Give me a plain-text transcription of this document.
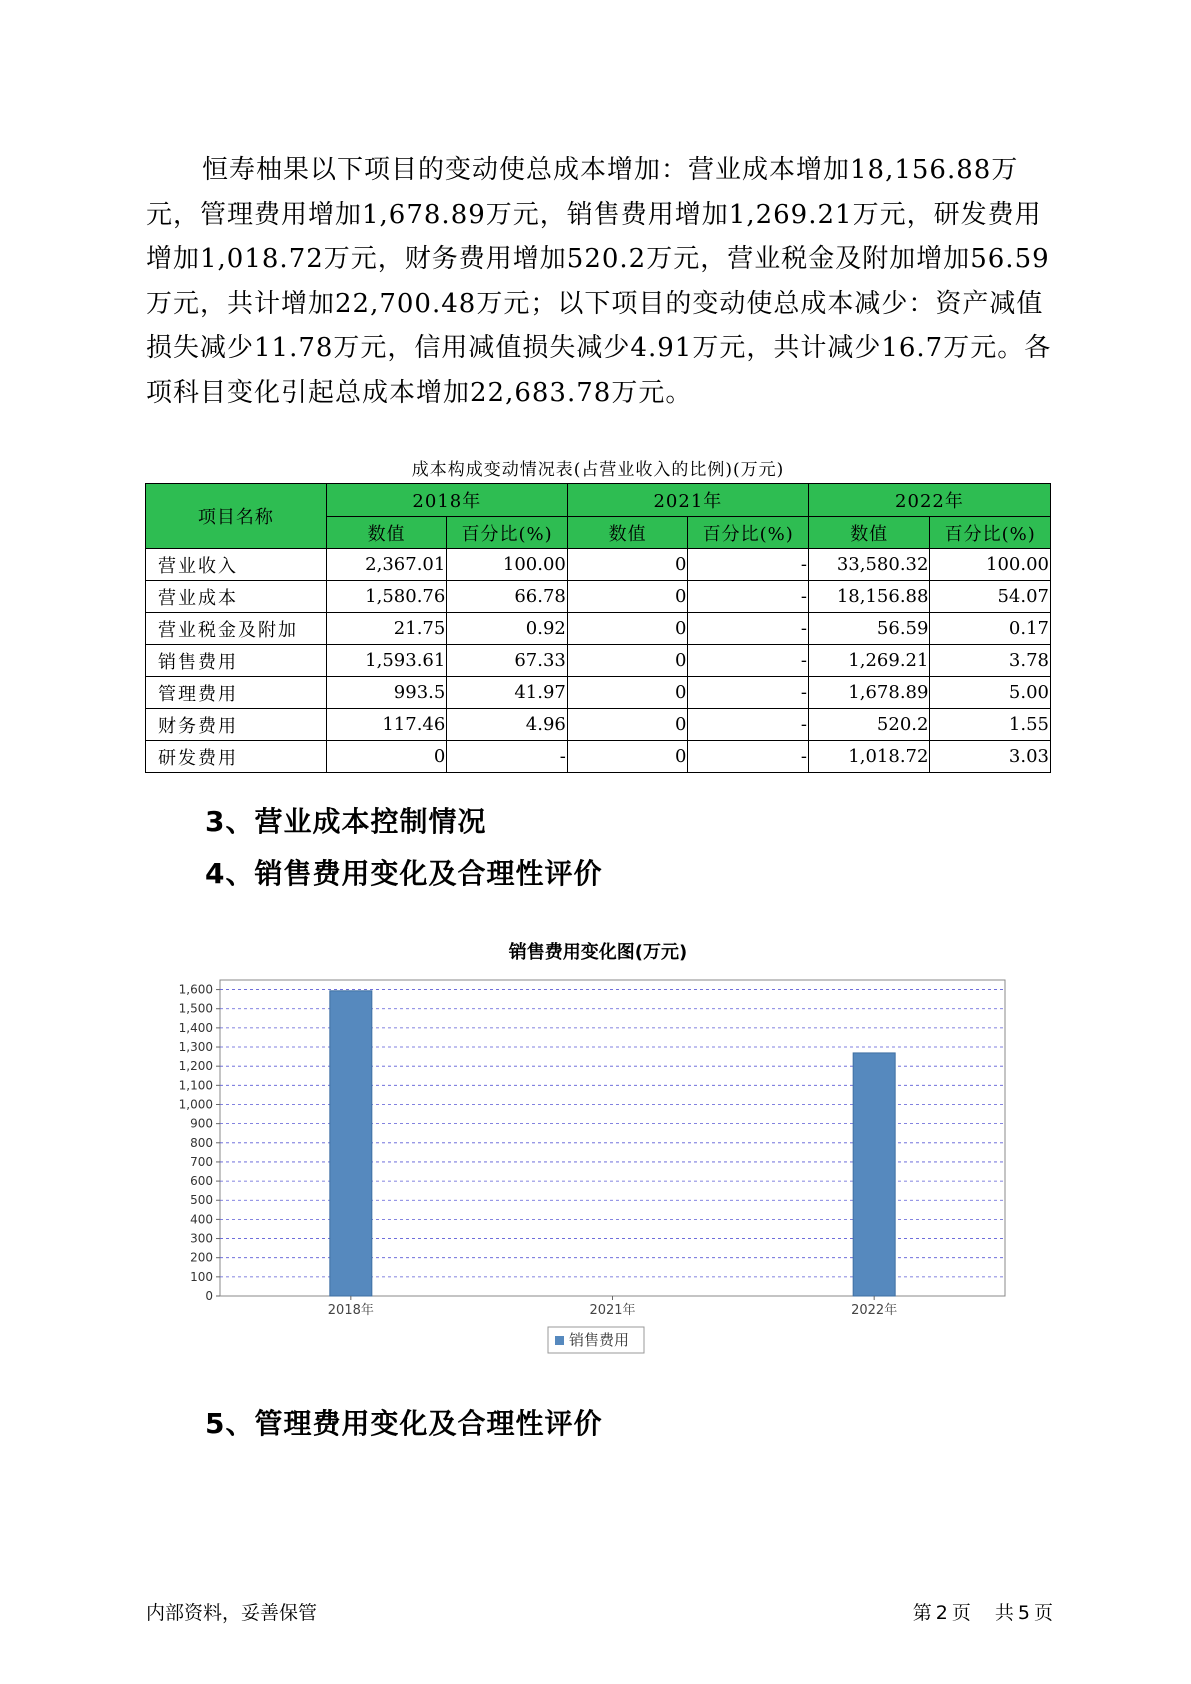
恒寿柚果以下项目的变动使总成本增加：营业成本增加18,156.88万元，管理费用增加1,678.89万元，销售费用增加1,269.21万元，研发费用增加1,018.72万元，财务费用增加520.2万元，营业税金及附加增加56.59万元，共计增加22,700.48万元；以下项目的变动使总成本减少：资产减值损失减少11.78万元，信用减值损失减少4.91万元，共计减少16.7万元。各项科目变化引起总成本增加22,683.78万元。

成本构成变动情况表(占营业收入的比例)(万元)
项目名称	2018年		2021年		2022年	
	数值	百分比(%)	数值	百分比(%)	数值	百分比(%)
营业收入	2,367.01	100.00	0	-	33,580.32	100.00
营业成本	1,580.76	66.78	0	-	18,156.88	54.07
营业税金及附加	21.75	0.92	0	-	56.59	0.17
销售费用	1,593.61	67.33	0	-	1,269.21	3.78
管理费用	993.5	41.97	0	-	1,678.89	5.00
财务费用	117.46	4.96	0	-	520.2	1.55
研发费用	0	-	0	-	1,018.72	3.03
3、营业成本控制情况
4、销售费用变化及合理性评价
销售费用变化图(万元)
0
100
200
300
400
500
600
700
800
900
1,000
1,100
1,200
1,300
1,400
1,500
1,600
2018年	2021年	2022年
销售费用
5、管理费用变化及合理性评价
内部资料，妥善保管	第 2 页 共 5 页
